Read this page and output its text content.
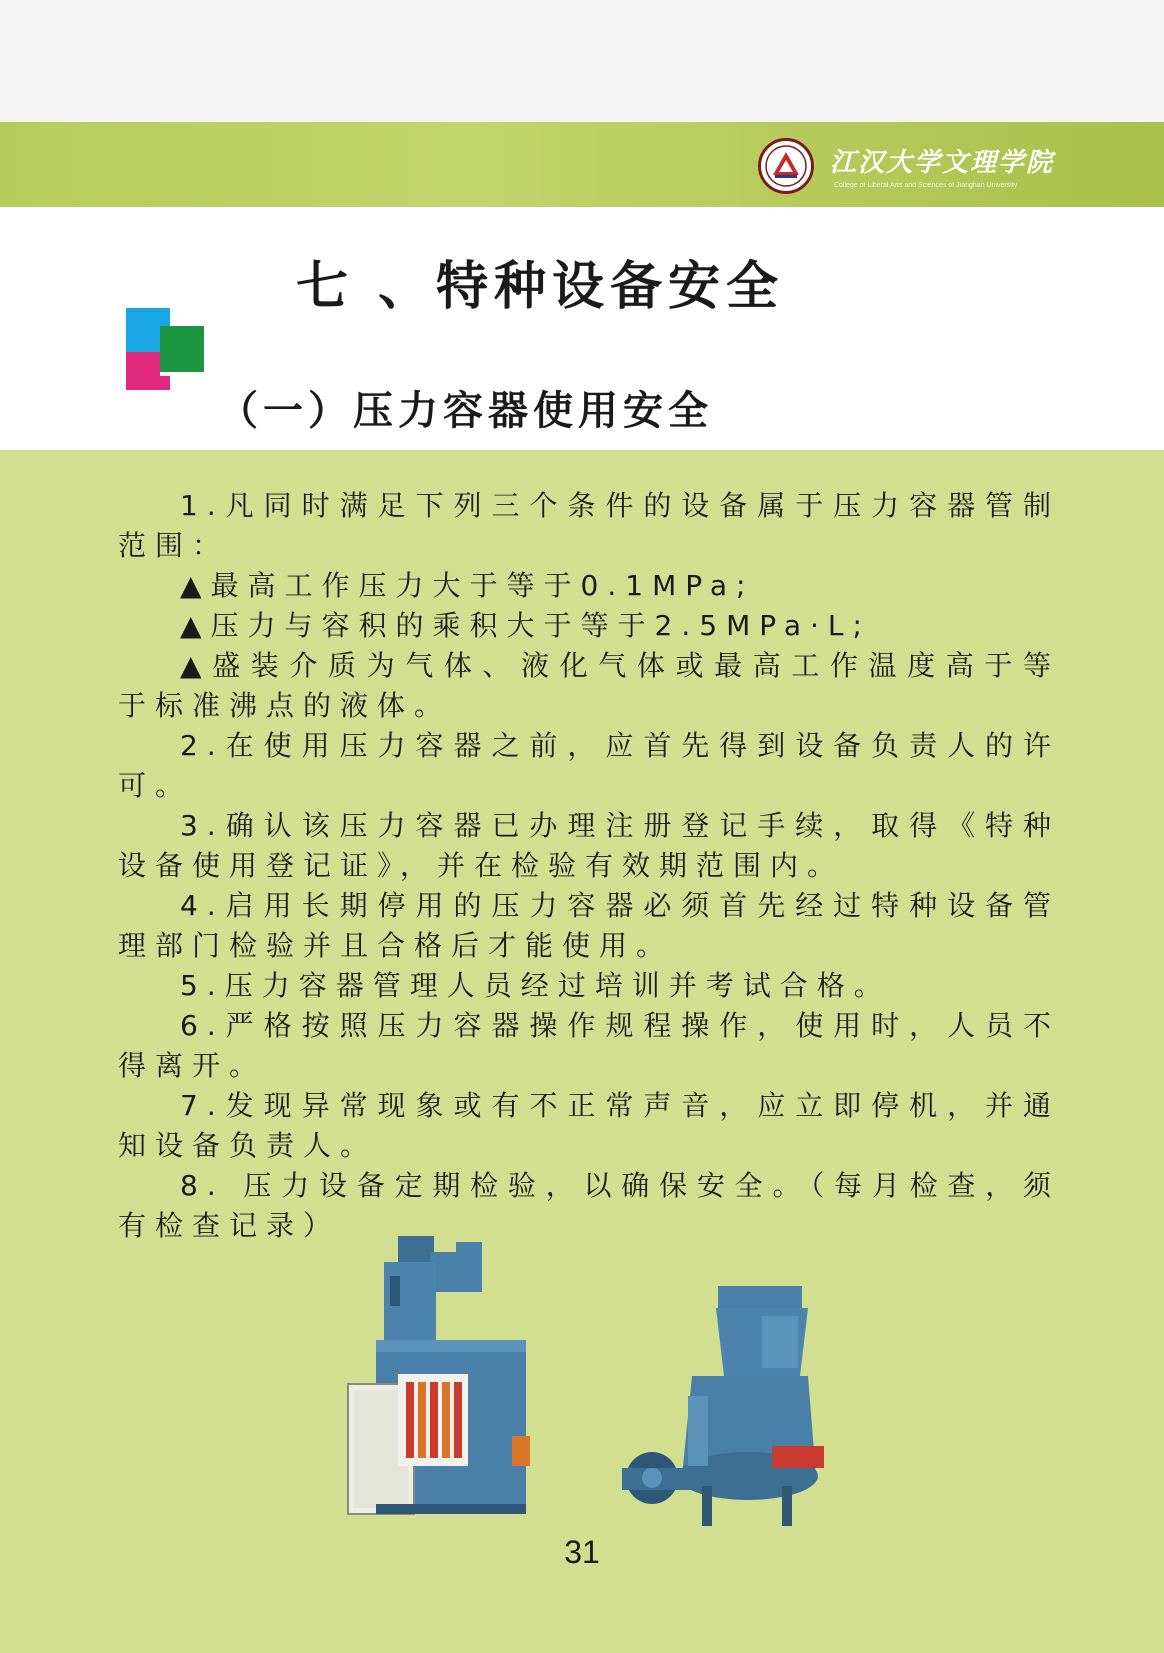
江汉大学文理学院
College of Liberal Arts and Sciences of Jianghan University
七 、特种设备安全
（一）压力容器使用安全

1.凡同时满足下列三个条件的设备属于压力容器管制范围：

▲最高工作压力大于等于0.1MPa;

▲压力与容积的乘积大于等于2.5MPa·L;

▲盛装介质为气体、液化气体或最高工作温度高于等于标准沸点的液体。

2.在使用压力容器之前，应首先得到设备负责人的许可。

3.确认该压力容器已办理注册登记手续，取得《特种设备使用登记证》，并在检验有效期范围内。

4.启用长期停用的压力容器必须首先经过特种设备管理部门检验并且合格后才能使用。

5.压力容器管理人员经过培训并考试合格。

6.严格按照压力容器操作规程操作，使用时，人员不得离开。

7.发现异常现象或有不正常声音，应立即停机，并通知设备负责人。

8. 压力设备定期检验，以确保安全。（每月检查，须有检查记录）

31
